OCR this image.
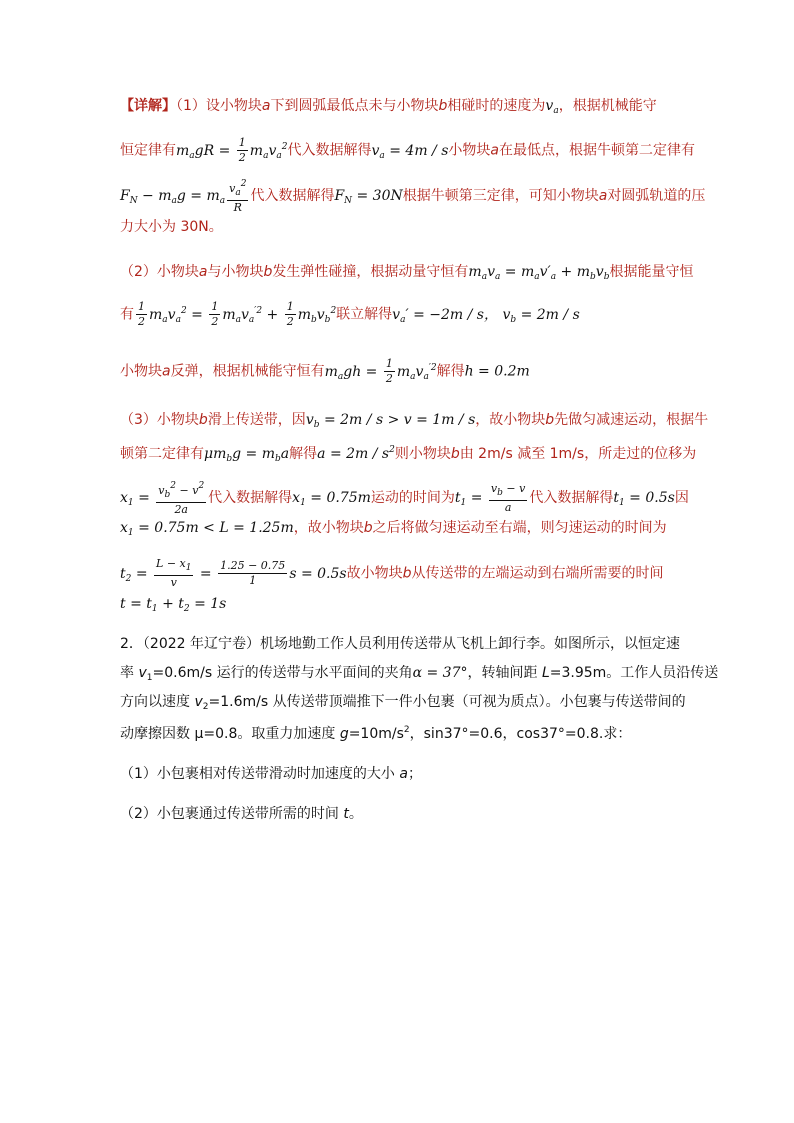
【详解】（1）设小物块a下到圆弧最低点未与小物块b相碰时的速度为$v_a$，根据机械能守
恒定律有$m_agR = \frac{1}{2} m_av_a^2$代入数据解得$v_a = 4m / s$小物块a在最低点，根据牛顿第二定律有
$F_N - m_ag = m_a \frac{v_a^2}{R}$ 代入数据解得$F_N = 30N$根据牛顿第三定律，可知小物块a对圆弧轨道的压
力大小为 30N。
（2）小物块a与小物块b发生弹性碰撞，根据动量守恒有$m_av_a = m_av'_a + m_bv_b$根据能量守恒
有 $\frac{1}{2} m_av_a^2 = \frac{1}{2} m_av_a^{'2} + \frac{1}{2} m_bv_b^2$联立解得$v_a' = -2m / s$， $v_b = 2m / s$
小物块a反弹，根据机械能守恒有$m_agh = \frac{1}{2} m_av_a^{'2}$解得h = 0.2m
（3）小物块b滑上传送带，因$v_b = 2m / s > v = 1m / s$，故小物块b先做匀减速运动，根据牛
顿第二定律有$\mu m_bg = m_ba$解得$a = 2m / s^2$则小物块b由 2m/s 减至 1m/s，所走过的位移为
$x_1 = \frac{v_b^2 - v^2}{2a}$ 代入数据解得$x_1 = 0.75m$运动的时间为$t_1 = \frac{v_b - v}{a}$ 代入数据解得$t_1 = 0.5s$因
$x_1 = 0.75m < L = 1.25m$，故小物块b之后将做匀速运动至右端，则匀速运动的时间为
$t_2 = \frac{L - x_1}{v} = \frac{1.25 - 0.75}{1}$ s = 0.5s故小物块b从传送带的左端运动到右端所需要的时间
$t = t_1 + t_2 = 1s$
2．（2022 年辽宁卷）机场地勤工作人员利用传送带从飞机上卸行李。如图所示，以恒定速
率 $v_1=0.6m/s$ 运行的传送带与水平面间的夹角α = 37°，转轴间距 L=3.95m。工作人员沿传送
方向以速度 $v_2=1.6m/s$ 从传送带顶端推下一件小包裹（可视为质点）。小包裹与传送带间的
动摩擦因数 μ=0.8。取重力加速度 $g=10m/s^2$，sin37°=0.6，cos37°=0.8.求：
（1）小包裹相对传送带滑动时加速度的大小 a；
（2）小包裹通过传送带所需的时间 t。
